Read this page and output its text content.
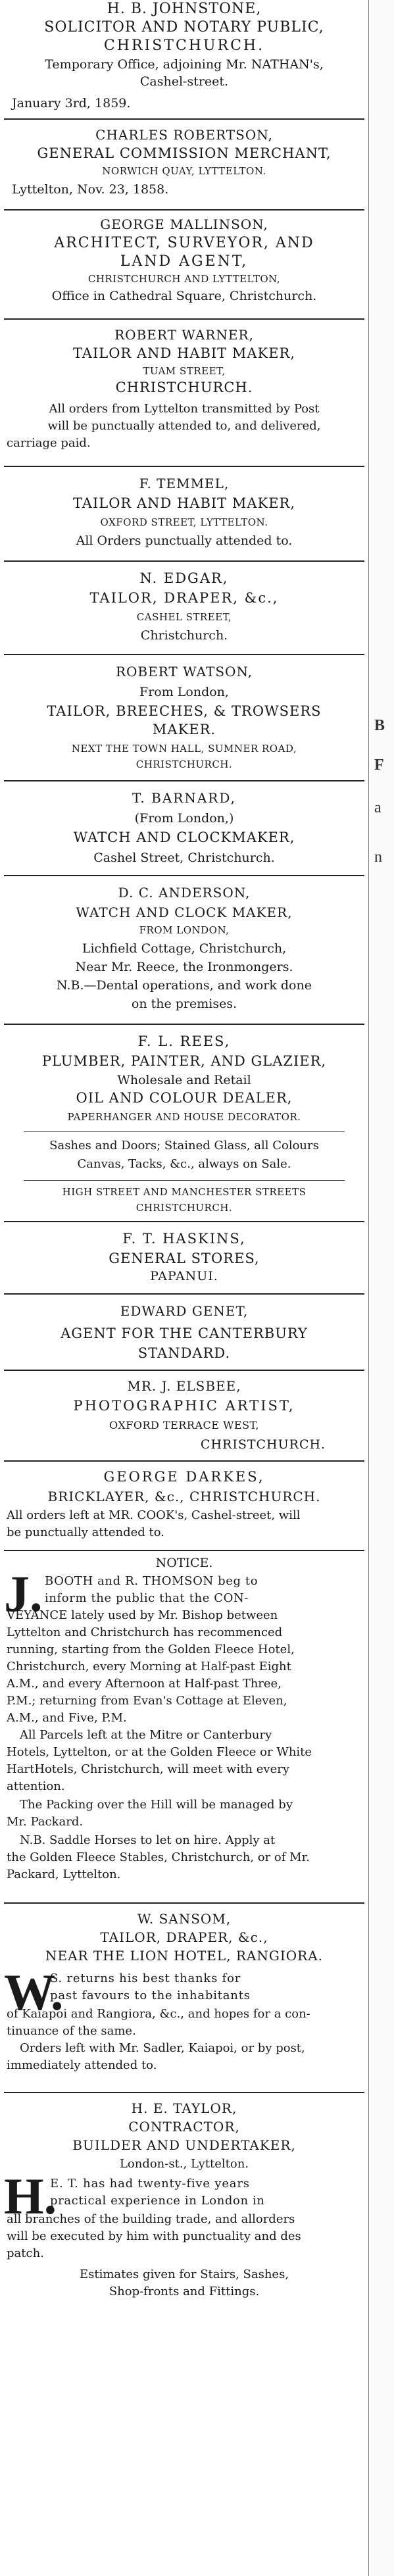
H. B. JOHNSTONE,
SOLICITOR AND NOTARY PUBLIC,
CHRISTCHURCH.
Temporary Office, adjoining Mr. NATHAN's,
Cashel-street.
January 3rd, 1859.
CHARLES ROBERTSON,
GENERAL COMMISSION MERCHANT,
NORWICH QUAY, LYTTELTON.
Lyttelton, Nov. 23, 1858.
GEORGE MALLINSON,
ARCHITECT, SURVEYOR, AND
LAND AGENT,
CHRISTCHURCH AND LYTTELTON,
Office in Cathedral Square, Christchurch.
ROBERT WARNER,
TAILOR AND HABIT MAKER,
TUAM STREET,
CHRISTCHURCH.
All orders from Lyttelton transmitted by Post
will be punctually attended to, and delivered,
carriage paid.
F. TEMMEL,
TAILOR AND HABIT MAKER,
OXFORD STREET, LYTTELTON.
All Orders punctually attended to.
N. EDGAR,
TAILOR, DRAPER, &c.,
CASHEL STREET,
Christchurch.
ROBERT WATSON,
From London,
TAILOR, BREECHES, & TROWSERS
MAKER.
NEXT THE TOWN HALL, SUMNER ROAD,
CHRISTCHURCH.
T. BARNARD,
(From London,)
WATCH AND CLOCKMAKER,
Cashel Street, Christchurch.
D. C. ANDERSON,
WATCH AND CLOCK MAKER,
FROM LONDON,
Lichfield Cottage, Christchurch,
Near Mr. Reece, the Ironmongers.
N.B.—Dental operations, and work done
on the premises.
F. L. REES,
PLUMBER, PAINTER, AND GLAZIER,
Wholesale and Retail
OIL AND COLOUR DEALER,
PAPERHANGER AND HOUSE DECORATOR.
Sashes and Doors; Stained Glass, all Colours
Canvas, Tacks, &c., always on Sale.
HIGH STREET AND MANCHESTER STREETS
CHRISTCHURCH.
F. T. HASKINS,
GENERAL STORES,
PAPANUI.
EDWARD GENET,
AGENT FOR THE CANTERBURY
STANDARD.
MR. J. ELSBEE,
PHOTOGRAPHIC ARTIST,
OXFORD TERRACE WEST,
CHRISTCHURCH.
GEORGE DARKES,
BRICKLAYER, &c., CHRISTCHURCH.
All orders left at MR. COOK's, Cashel-street, will
be punctually attended to.
NOTICE.
J. BOOTH and R. THOMSON beg to
inform the public that the CON-
VEYANCE lately used by Mr. Bishop between
Lyttelton and Christchurch has recommenced
running, starting from the Golden Fleece Hotel,
Christchurch, every Morning at Half-past Eight
A.M., and every Afternoon at Half-past Three,
P.M.; returning from Evan's Cottage at Eleven,
A.M., and Five, P.M.
All Parcels left at the Mitre or Canterbury
Hotels, Lyttelton, or at the Golden Fleece or White
HartHotels, Christchurch, will meet with every
attention.
The Packing over the Hill will be managed by
Mr. Packard.
N.B. Saddle Horses to let on hire. Apply at
the Golden Fleece Stables, Christchurch, or of Mr.
Packard, Lyttelton.
W. SANSOM,
TAILOR, DRAPER, &c.,
NEAR THE LION HOTEL, RANGIORA.
W.
S. returns his best thanks for
past favours to the inhabitants
of Kaiapoi and Rangiora, &c., and hopes for a con-
tinuance of the same.
Orders left with Mr. Sadler, Kaiapoi, or by post,
immediately attended to.
H. E. TAYLOR,
CONTRACTOR,
BUILDER AND UNDERTAKER,
London-st., Lyttelton.
H.
E. T. has had twenty-five years
practical experience in London in
all branches of the building trade, and allorders
will be executed by him with punctuality and des
patch.
Estimates given for Stairs, Sashes,
Shop-fronts and Fittings.
B
F
a
n
